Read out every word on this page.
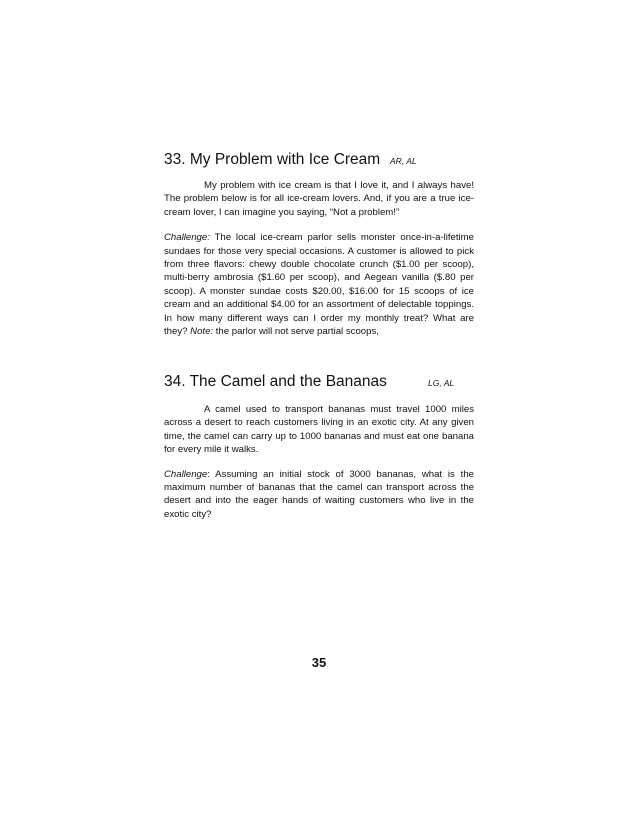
33. My Problem with Ice Cream AR, AL

My problem with ice cream is that I love it, and I always have! The problem below is for all ice-cream lovers. And, if you are a true ice-cream lover, I can imagine you saying, “Not a problem!”

Challenge: The local ice-cream parlor sells monster once-in-a-lifetime sundaes for those very special occasions. A customer is allowed to pick from three flavors: chewy double chocolate crunch ($1.00 per scoop), multi-berry ambrosia ($1.60 per scoop), and Aegean vanilla ($.80 per scoop). A monster sundae costs $20.00, $16.00 for 15 scoops of ice cream and an additional $4.00 for an assortment of delectable toppings. In how many different ways can I order my monthly treat? What are they? Note: the parlor will not serve partial scoops,

34. The Camel and the Bananas	LG, AL

A camel used to transport bananas must travel 1000 miles across a desert to reach customers living in an exotic city. At any given time, the camel can carry up to 1000 bananas and must eat one banana for every mile it walks.

Challenge: Assuming an initial stock of 3000 bananas, what is the maximum number of bananas that the camel can transport across the desert and into the eager hands of waiting customers who live in the exotic city?

35
